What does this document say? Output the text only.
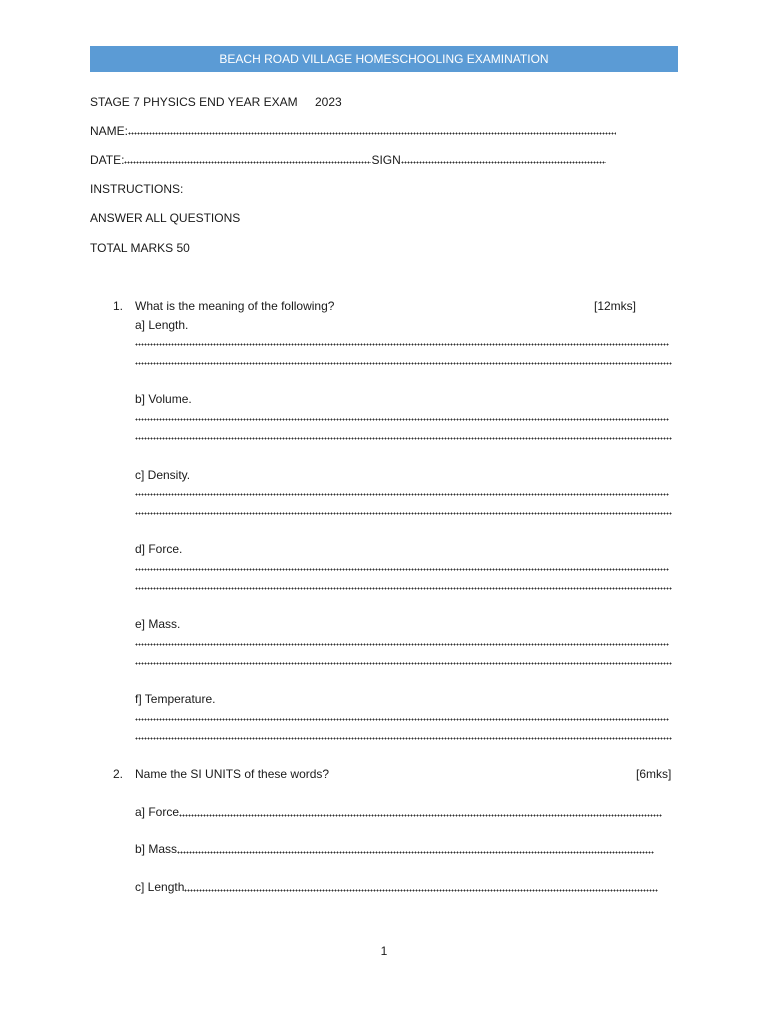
BEACH ROAD VILLAGE HOMESCHOOLING EXAMINATION
STAGE 7 PHYSICS END YEAR EXAM 2023
NAME:
DATE:	SIGN
INSTRUCTIONS:
ANSWER ALL QUESTIONS
TOTAL MARKS 50
1. What is the meaning of the following?	[12mks]
a] Length.
b] Volume.
c] Density.
d] Force.
e] Mass.
f] Temperature.
2. Name the SI UNITS of these words?	[6mks]
a] Force
b] Mass
c] Length
1
